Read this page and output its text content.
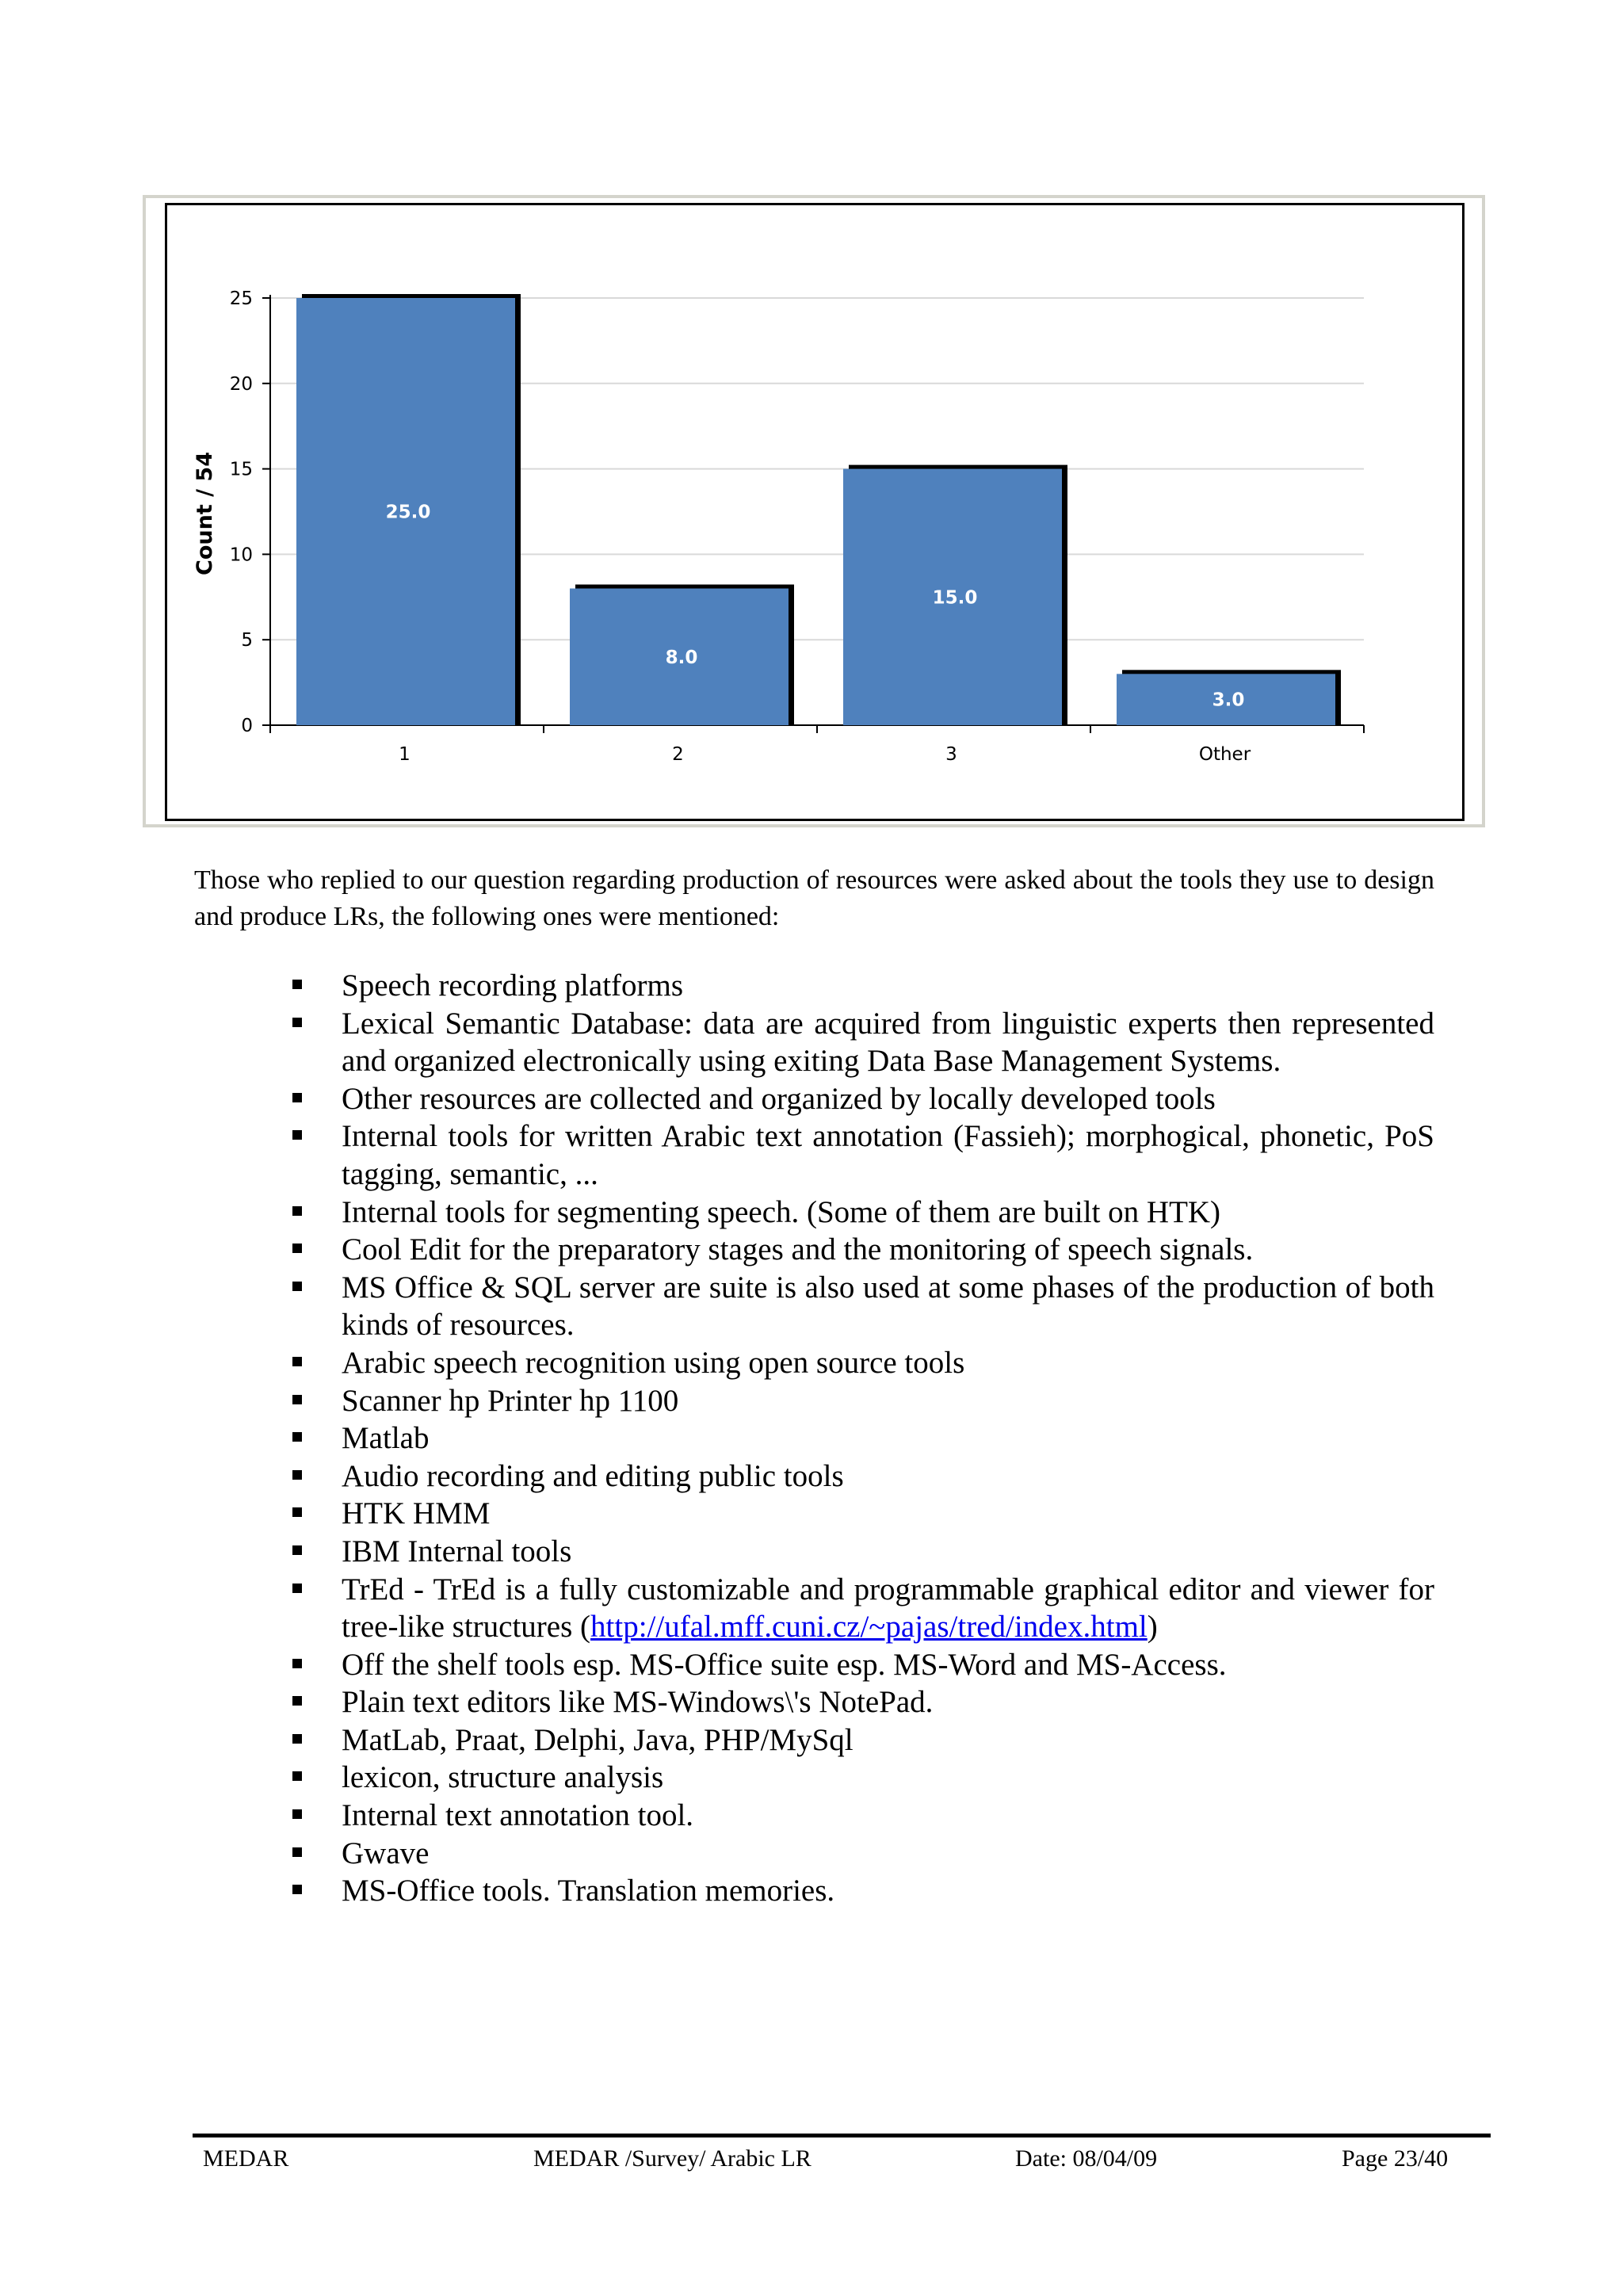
0
5
10
15
20
25
25.0
1
8.0
2
15.0
3
3.0
Other
Count / 54

Those who replied to our question regarding production of resources were asked about the tools they use to design and produce LRs, the following ones were mentioned:

Speech recording platforms
Lexical Semantic Database: data are acquired from linguistic experts then represented and organized electronically using exiting Data Base Management Systems.
Other resources are collected and organized by locally developed tools
Internal tools for written Arabic text annotation (Fassieh); morphogical, phonetic, PoS tagging, semantic, ...
Internal tools for segmenting speech. (Some of them are built on HTK)
Cool Edit for the preparatory stages and the monitoring of speech signals.
MS Office & SQL server are suite is also used at some phases of the production of both kinds of resources.
Arabic speech recognition using open source tools
Scanner hp Printer hp 1100
Matlab
Audio recording and editing public tools
HTK HMM
IBM Internal tools
TrEd - TrEd is a fully customizable and programmable graphical editor and viewer for tree-like structures (http://ufal.mff.cuni.cz/~pajas/tred/index.html)
Off the shelf tools esp. MS-Office suite esp. MS-Word and MS-Access.
Plain text editors like MS-Windows\'s NotePad.
MatLab, Praat, Delphi, Java, PHP/MySql
lexicon, structure analysis
Internal text annotation tool.
Gwave
MS-Office tools. Translation memories.
MEDAR	MEDAR /Survey/ Arabic LR	Date: 08/04/09	Page 23/40
